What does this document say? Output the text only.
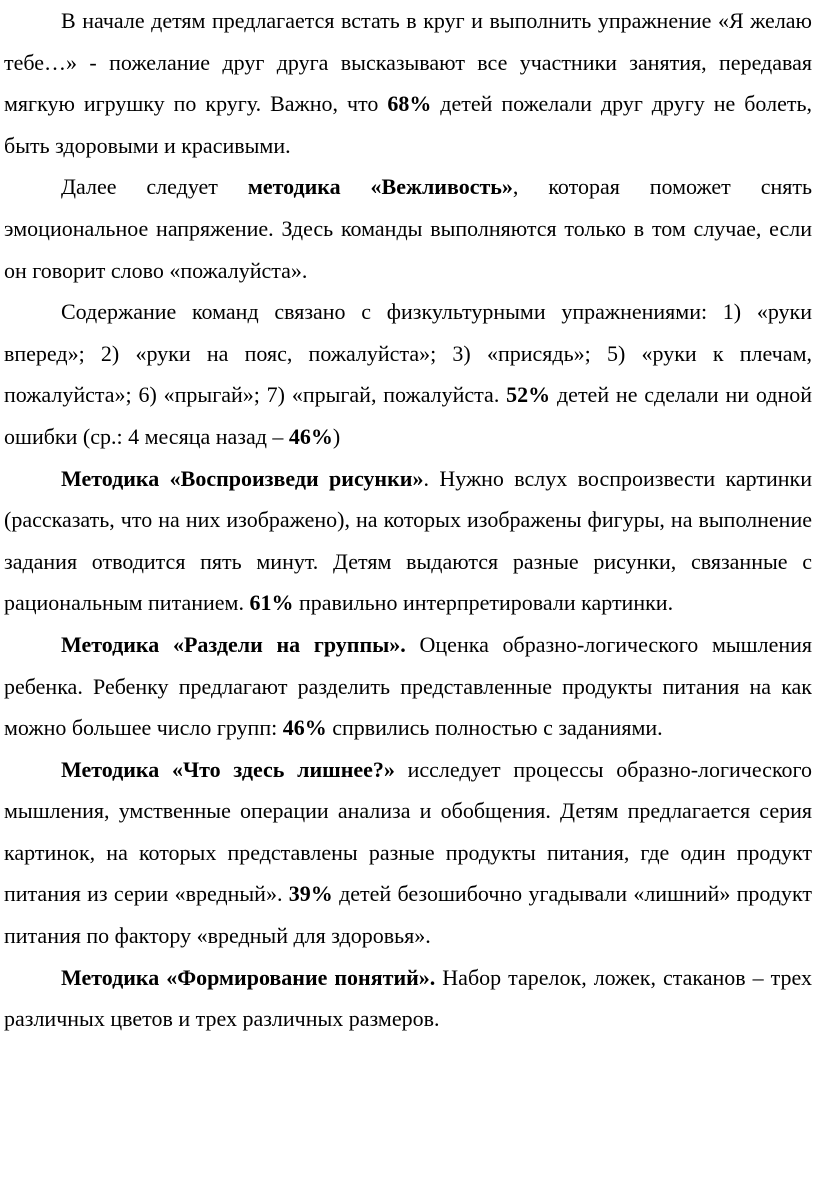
В начале детям предлагается встать в круг и выполнить упражнение «Я желаю тебе…» - пожелание друг друга высказывают все участники занятия, передавая мягкую игрушку по кругу. Важно, что 68% детей пожелали друг другу не болеть, быть здоровыми и красивыми.

Далее следует методика «Вежливость», которая поможет снять эмоциональное напряжение. Здесь команды выполняются только в том случае, если он говорит слово «пожалуйста».

Содержание команд связано с физкультурными упражнениями: 1) «руки вперед»; 2) «руки на пояс, пожалуйста»; 3) «присядь»; 5) «руки к плечам, пожалуйста»; 6) «прыгай»; 7) «прыгай, пожалуйста. 52% детей не сделали ни одной ошибки (ср.: 4 месяца назад – 46%)

Методика «Воспроизведи рисунки». Нужно вслух воспроизвести картинки (рассказать, что на них изображено), на которых изображены фигуры, на выполнение задания отводится пять минут. Детям выдаются разные рисунки, связанные с рациональным питанием. 61% правильно интерпретировали картинки.

Методика «Раздели на группы». Оценка образно-логического мышления ребенка. Ребенку предлагают разделить представленные продукты питания на как можно большее число групп: 46% спрвились полностью с заданиями.

Методика «Что здесь лишнее?» исследует процессы образно-логического мышления, умственные операции анализа и обобщения. Детям предлагается серия картинок, на которых представлены разные продукты питания, где один продукт питания из серии «вредный». 39% детей безошибочно угадывали «лишний» продукт питания по фактору «вредный для здоровья».

Методика «Формирование понятий». Набор тарелок, ложек, стаканов – трех различных цветов и трех различных размеров.
